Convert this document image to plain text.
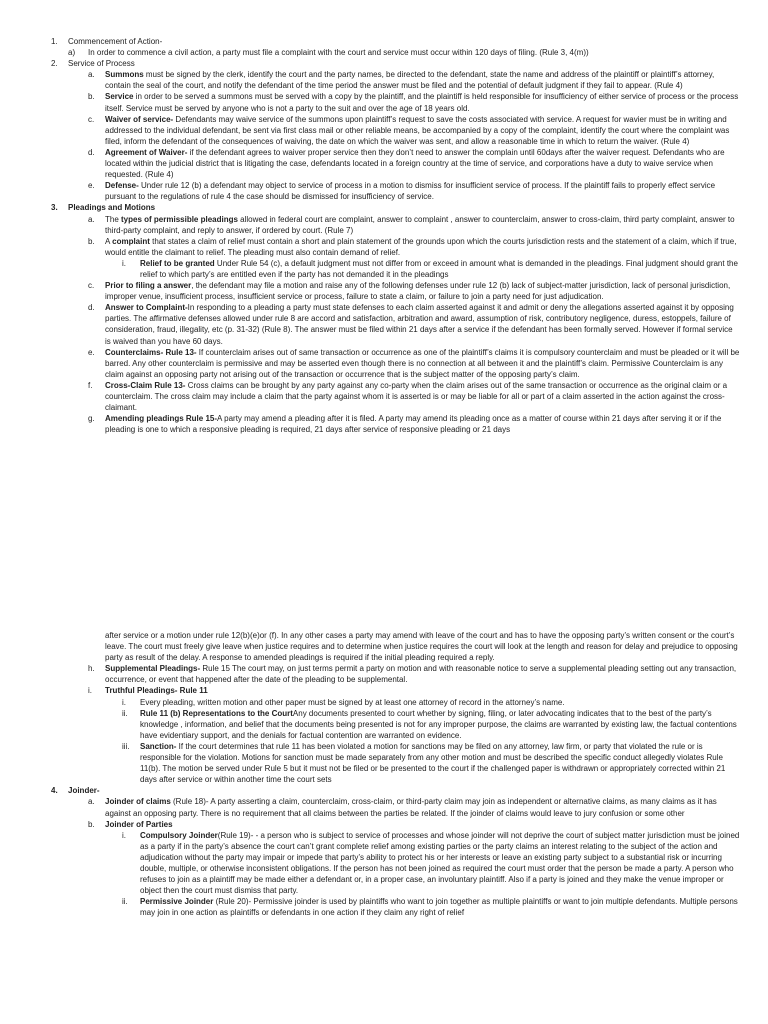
1. Commencement of Action-
a) In order to commence a civil action, a party must file a complaint with the court and service must occur within 120 days of filing. (Rule 3, 4(m))
2. Service of Process
a. Summons must be signed by the clerk, identify the court and the party names, be directed to the defendant, state the name and address of the plaintiff or plaintiff’s attorney, contain the seal of the court, and notify the defendant of the time period the answer must be filed and the potential of default judgment if they fail to appear. (Rule 4)
b. Service in order to be served a summons must be served with a copy by the plaintiff, and the plaintiff is held responsible for insufficiency of either service of process or the process itself. Service must be served by anyone who is not a party to the suit and over the age of 18 years old.
c. Waiver of service- Defendants may waive service of the summons upon plaintiff’s request to save the costs associated with service. A request for wavier must be in writing and addressed to the individual defendant, be sent via first class mail or other reliable means, be accompanied by a copy of the complaint, identify the court where the complaint was filed, inform the defendant of the consequences of waiving, the date on which the waiver was sent, and allow a reasonable time in which to return the waiver. (Rule 4)
d. Agreement of Waiver- if the defendant agrees to waiver proper service then they don’t need to answer the complain until 60days after the waiver request. Defendants who are located within the judicial district that is litigating the case, defendants located in a foreign country at the time of service, and corporations have a duty to waive service when requested. (Rule 4)
e. Defense- Under rule 12 (b) a defendant may object to service of process in a motion to dismiss for insufficient service of process. If the plaintiff fails to properly effect service pursuant to the regulations of rule 4 the case should be dismissed for insufficiency of service.
3. Pleadings and Motions
a. The types of permissible pleadings allowed in federal court are complaint, answer to complaint , answer to counterclaim, answer to cross-claim, third party complaint, answer to third-party complaint, and reply to answer, if ordered by court. (Rule 7)
b. A complaint that states a claim of relief must contain a short and plain statement of the grounds upon which the courts jurisdiction rests and the statement of a claim, which if true, would entitle the claimant to relief. The pleading must also contain demand of relief.
i. Relief to be granted Under Rule 54 (c), a default judgment must not differ from or exceed in amount what is demanded in the pleadings. Final judgment should grant the relief to which party’s are entitled even if the party has not demanded it in the pleadings
c. Prior to filing a answer, the defendant may file a motion and raise any of the following defenses under rule 12 (b) lack of subject-matter jurisdiction, lack of personal jurisdiction, improper venue, insufficient process, insufficient service or process, failure to state a claim, or failure to join a party need for just adjudication.
d. Answer to Complaint-In responding to a pleading a party must state defenses to each claim asserted against it and admit or deny the allegations asserted against it by opposing parties. The affirmative defenses allowed under rule 8 are accord and satisfaction, arbitration and award, assumption of risk, contributory negligence, duress, estoppels, failure of consideration, fraud, illegality, etc (p. 31-32) (Rule 8). The answer must be filed within 21 days after a service if the defendant has been formally served. However if formal service is waived than you have 60 days.
e. Counterclaims- Rule 13- If counterclaim arises out of same transaction or occurrence as one of the plaintiff’s claims it is compulsory counterclaim and must be pleaded or it will be barred. Any other counterclaim is permissive and may be asserted even though there is no connection at all between it and the plaintiff’s claim. Permissive Counterclaim is any claim against an opposing party not arising out of the transaction or occurrence that is the subject matter of the opposing party’s claim.
f. Cross-Claim Rule 13- Cross claims can be brought by any party against any co-party when the claim arises out of the same transaction or occurrence as the original claim or a counterclaim. The cross claim may include a claim that the party against whom it is asserted is or may be liable for all or part of a claim asserted in the action against the cross-claimant.
g. Amending pleadings Rule 15-A party may amend a pleading after it is filed. A party may amend its pleading once as a matter of course within 21 days after serving it or if the pleading is one to which a responsive pleading is required, 21 days after service of responsive pleading or 21 days
after service or a motion under rule 12(b)(e)or (f). In any other cases a party may amend with leave of the court and has to have the opposing party’s written consent or the court’s leave. The court must freely give leave when justice requires and to determine when justice requires the court will look at the length and reason for delay and prejudice to opposing party as result of the delay. A response to amended pleadings is required if the initial pleading required a reply.
h. Supplemental Pleadings- Rule 15 The court may, on just terms permit a party on motion and with reasonable notice to serve a supplemental pleading setting out any transaction, occurrence, or event that happened after the date of the pleading to be supplemental.
i. Truthful Pleadings- Rule 11
i. Every pleading, written motion and other paper must be signed by at least one attorney of record in the attorney’s name.
ii. Rule 11 (b) Representations to the CourtAny documents presented to court whether by signing, filing, or later advocating indicates that to the best of the party’s knowledge , information, and belief that the documents being presented is not for any improper purpose, the claims are warranted by existing law, the factual contentions have evidentiary support, and the denials for factual contention are warranted on evidence.
iii. Sanction- If the court determines that rule 11 has been violated a motion for sanctions may be filed on any attorney, law firm, or party that violated the rule or is responsible for the violation. Motions for sanction must be made separately from any other motion and must be described the specific conduct allegedly violates Rule 11(b). The motion be served under Rule 5 but it must not be filed or be presented to the court if the challenged paper is withdrawn or appropriately corrected within 21 days after service or within another time the court sets
4. Joinder-
a. Joinder of claims (Rule 18)- A party asserting a claim, counterclaim, cross-claim, or third-party claim may join as independent or alternative claims, as many claims as it has against an opposing party. There is no requirement that all claims between the parties be related. If the joinder of claims would leave to jury confusion or some other
b. Joinder of Parties
i. Compulsory Joinder(Rule 19)- - a person who is subject to service of processes and whose joinder will not deprive the court of subject matter jurisdiction must be joined as a party if in the party’s absence the court can’t grant complete relief among existing parties or the party claims an interest relating to the subject of the action and adjudication without the party may impair or impede that party’s ability to protect his or her interests or leave an existing party subject to a substantial risk or incurring double, multiple, or otherwise inconsistent obligations. If the person has not been joined as required the court must order that the person be made a party. A person who refuses to join as a plaintiff may be made either a defendant or, in a proper case, an involuntary plaintiff. Also if a party is joined and they make the venue improper or object then the court must dismiss that party.
ii. Permissive Joinder (Rule 20)- Permissive joinder is used by plaintiffs who want to join together as multiple plaintiffs or want to join multiple defendants. Multiple persons may join in one action as plaintiffs or defendants in one action if they claim any right of relief
